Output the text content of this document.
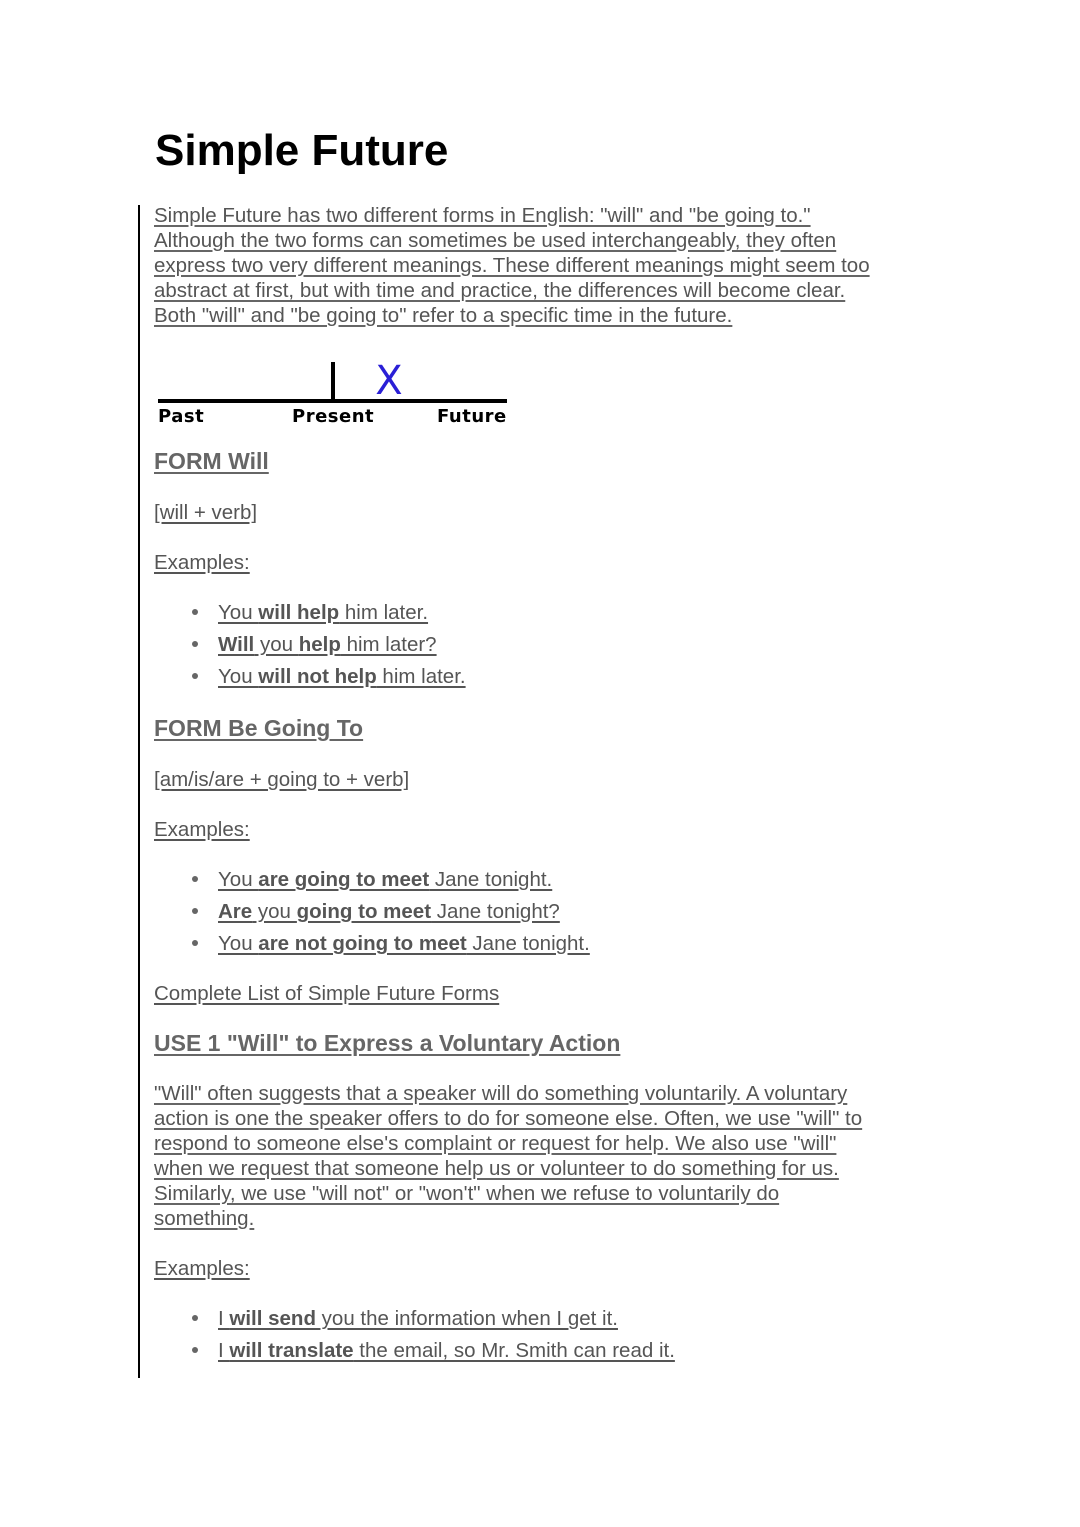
Simple Future

Simple Future has two different forms in English: "will" and "be going to."

Although the two forms can sometimes be used interchangeably, they often

express two very different meanings. These different meanings might seem too

abstract at first, but with time and practice, the differences will become clear.

Both "will" and "be going to" refer to a specific time in the future.

X
Past	Present	Future
FORM Will

[will + verb]

Examples:

You will help him later.
Will you help him later?
You will not help him later.
FORM Be Going To

[am/is/are + going to + verb]

Examples:

You are going to meet Jane tonight.
Are you going to meet Jane tonight?
You are not going to meet Jane tonight.

Complete List of Simple Future Forms

USE 1 "Will" to Express a Voluntary Action

"Will" often suggests that a speaker will do something voluntarily. A voluntary

action is one the speaker offers to do for someone else. Often, we use "will" to

respond to someone else's complaint or request for help. We also use "will"

when we request that someone help us or volunteer to do something for us.

Similarly, we use "will not" or "won't" when we refuse to voluntarily do

something.

Examples:

I will send you the information when I get it.
I will translate the email, so Mr. Smith can read it.
